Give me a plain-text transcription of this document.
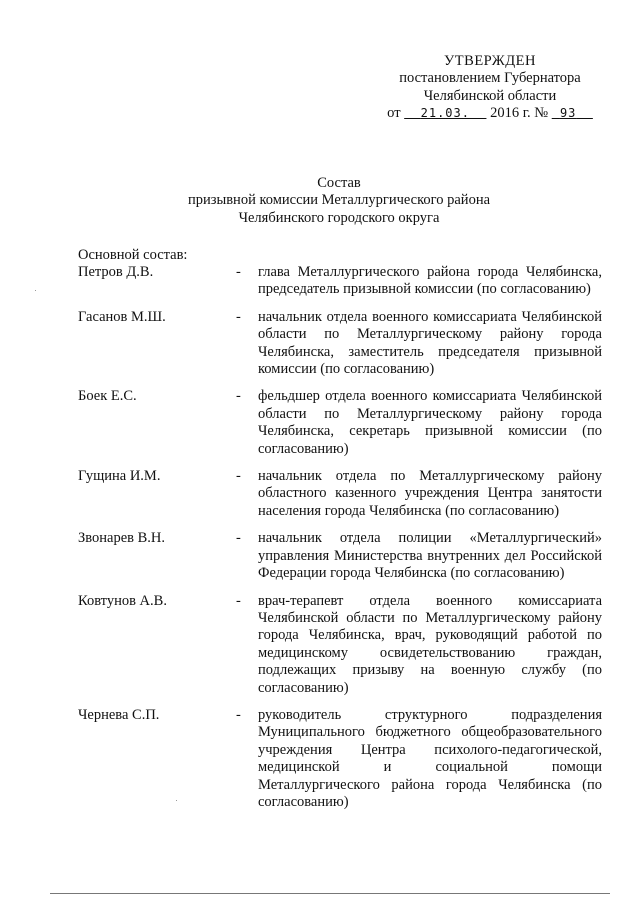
УТВЕРЖДЕН
постановлением Губернатора
Челябинской области
от 21.03. 2016 г. № 93
Состав
призывной комиссии Металлургического района
Челябинского городского округа
Основной состав:
Петров Д.В.	-	глава Металлургического района города Челябинска, председатель призывной комиссии (по согласованию)
Гасанов М.Ш.	-	начальник отдела военного комиссариата Челябинской области по Металлургическому району города Челябинска, заместитель председателя призывной комиссии (по согласованию)
Боек Е.С.	-	фельдшер отдела военного комиссариата Челябинской области по Металлургическому району города Челябинска, секретарь призывной комиссии (по согласованию)
Гущина И.М.	-	начальник отдела по Металлургическому району областного казенного учреждения Центра занятости населения города Челябинска (по согласованию)
Звонарев В.Н.	-	начальник отдела полиции «Металлургический» управления Министерства внутренних дел Российской Федерации города Челябинска (по согласованию)
Ковтунов А.В.	-	врач-терапевт отдела военного комиссариата Челябинской области по Металлургическому району города Челябинска, врач, руководящий работой по медицинскому освидетельствованию граждан, подлежащих призыву на военную службу (по согласованию)
Чернева С.П.	-	руководитель структурного подразделения Муниципального бюджетного общеобразовательного учреждения Центра психолого-педагогической, медицинской и социальной помощи Металлургического района города Челябинска (по согласованию)
